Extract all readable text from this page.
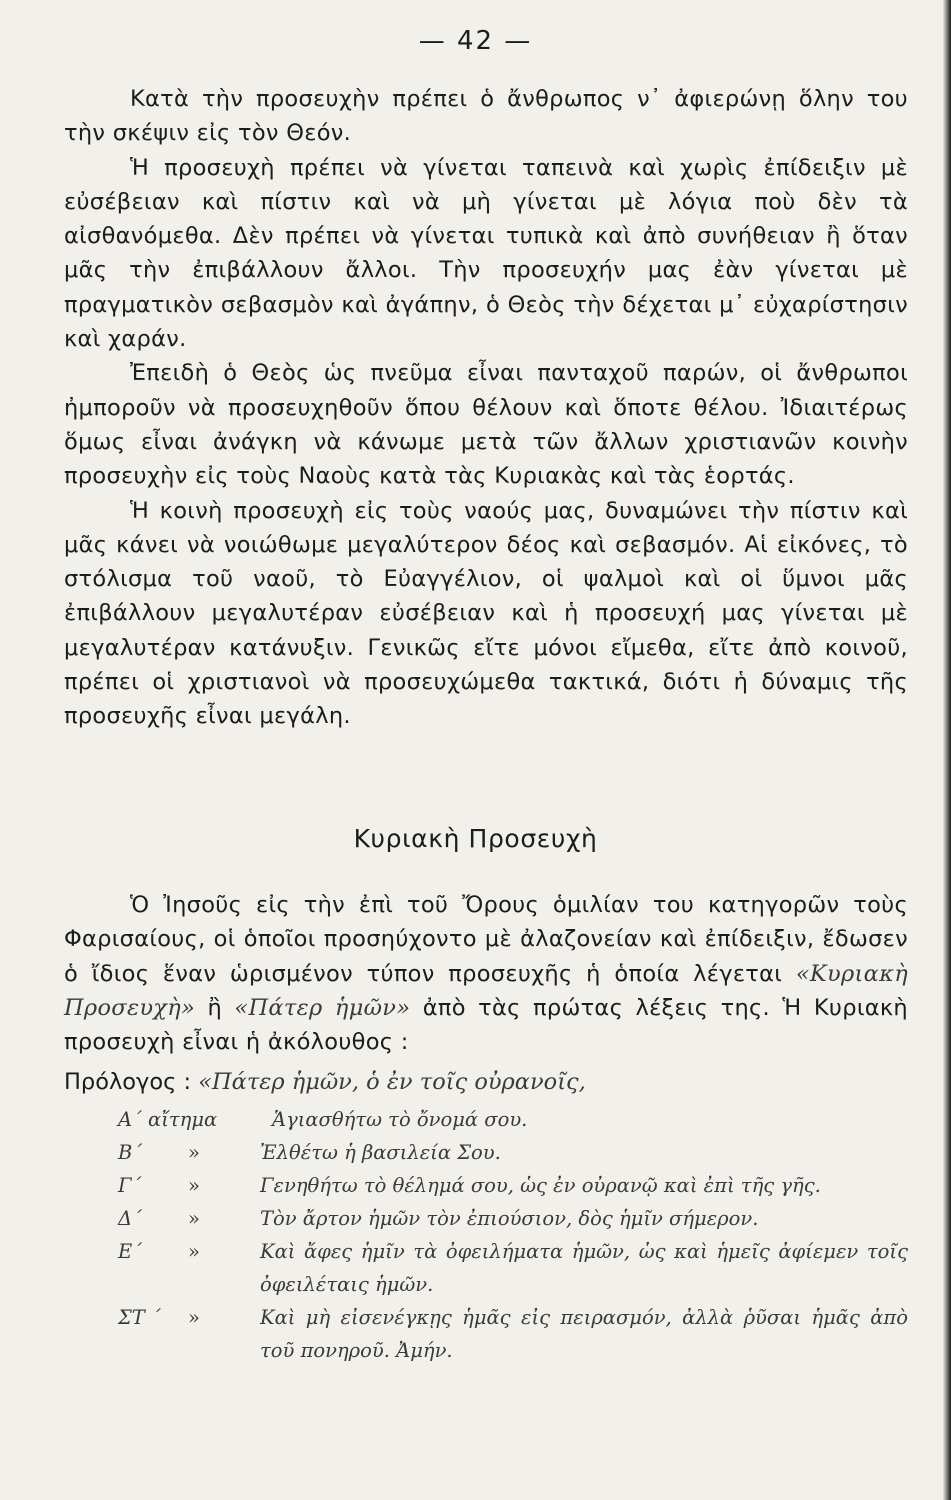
— 42 —

Κατὰ τὴν προσευχὴν πρέπει ὁ ἄνθρωπος ν᾽ ἀφιερώνῃ ὅλην του τὴν σκέψιν εἰς τὸν Θεόν.

Ἡ προσευχὴ πρέπει νὰ γίνεται ταπεινὰ καὶ χωρὶς ἐπίδειξιν μὲ εὐσέβειαν καὶ πίστιν καὶ νὰ μὴ γίνεται μὲ λόγια ποὺ δὲν τὰ αἰσθανόμεθα. Δὲν πρέπει νὰ γίνεται τυπικὰ καὶ ἀπὸ συνήθειαν ἢ ὅταν μᾶς τὴν ἐπιβάλλουν ἄλλοι. Τὴν προσευχήν μας ἐὰν γίνεται μὲ πραγματικὸν σεβασμὸν καὶ ἀγάπην, ὁ Θεὸς τὴν δέχεται μ᾽ εὐχαρίστησιν καὶ χαράν.

Ἐπειδὴ ὁ Θεὸς ὡς πνεῦμα εἶναι πανταχοῦ παρών, οἱ ἄνθρωποι ἠμποροῦν νὰ προσευχηθοῦν ὅπου θέλουν καὶ ὅποτε θέλου. Ἰδιαιτέρως ὅμως εἶναι ἀνάγκη νὰ κάνωμε μετὰ τῶν ἄλλων χριστιανῶν κοινὴν προσευχὴν εἰς τοὺς Ναοὺς κατὰ τὰς Κυριακὰς καὶ τὰς ἑορτάς.

Ἡ κοινὴ προσευχὴ εἰς τοὺς ναούς μας, δυναμώνει τὴν πίστιν καὶ μᾶς κάνει νὰ νοιώθωμε μεγαλύτερον δέος καὶ σεβασμόν. Αἱ εἰκόνες, τὸ στόλισμα τοῦ ναοῦ, τὸ Εὐαγγέλιον, οἱ ψαλμοὶ καὶ οἱ ὕμνοι μᾶς ἐπιβάλλουν μεγαλυτέραν εὐσέβειαν καὶ ἡ προσευχή μας γίνεται μὲ μεγαλυτέραν κατάνυξιν. Γενικῶς εἴτε μόνοι εἴμεθα, εἴτε ἀπὸ κοινοῦ, πρέπει οἱ χριστιανοὶ νὰ προσευχώμεθα τακτικά, διότι ἡ δύναμις τῆς προσευχῆς εἶναι μεγάλη.

Κυριακὴ Προσευχὴ

Ὁ Ἰησοῦς εἰς τὴν ἐπὶ τοῦ Ὄρους ὁμιλίαν του κατηγορῶν τοὺς Φαρισαίους, οἱ ὁποῖοι προσηύχοντο μὲ ἀλαζονείαν καὶ ἐπίδειξιν, ἔδωσεν ὁ ἴδιος ἕναν ὡρισμένον τύπον προσευχῆς ἡ ὁποία λέγεται «Κυριακὴ Προσευχὴ» ἢ «Πάτερ ἡμῶν» ἀπὸ τὰς πρώτας λέξεις της. Ἡ Κυριακὴ προσευχὴ εἶναι ἡ ἀκόλουθος :

Πρόλογος : «Πάτερ ἡμῶν, ὁ ἐν τοῖς οὐρανοῖς,
Α΄ αἴτημα	Ἁγιασθήτω τὸ ὄνομά σου.
Β΄	»	Ἐλθέτω ἡ βασιλεία Σου.
Γ΄	»	Γενηθήτω τὸ θέλημά σου, ὡς ἐν οὐρανῷ καὶ ἐπὶ τῆς γῆς.
Δ΄	»	Τὸν ἄρτον ἡμῶν τὸν ἐπιούσιον, δὸς ἡμῖν σήμερον.
Ε΄	»	Καὶ ἄφες ἡμῖν τὰ ὀφειλήματα ἡμῶν, ὡς καὶ ἡμεῖς ἀφίεμεν τοῖς ὀφειλέταις ἡμῶν.
ΣΤ ΄	»	Καὶ μὴ εἰσενέγκῃς ἡμᾶς εἰς πειρασμόν, ἀλλὰ ῥῦσαι ἡμᾶς ἀπὸ τοῦ πονηροῦ. Ἀμήν.
